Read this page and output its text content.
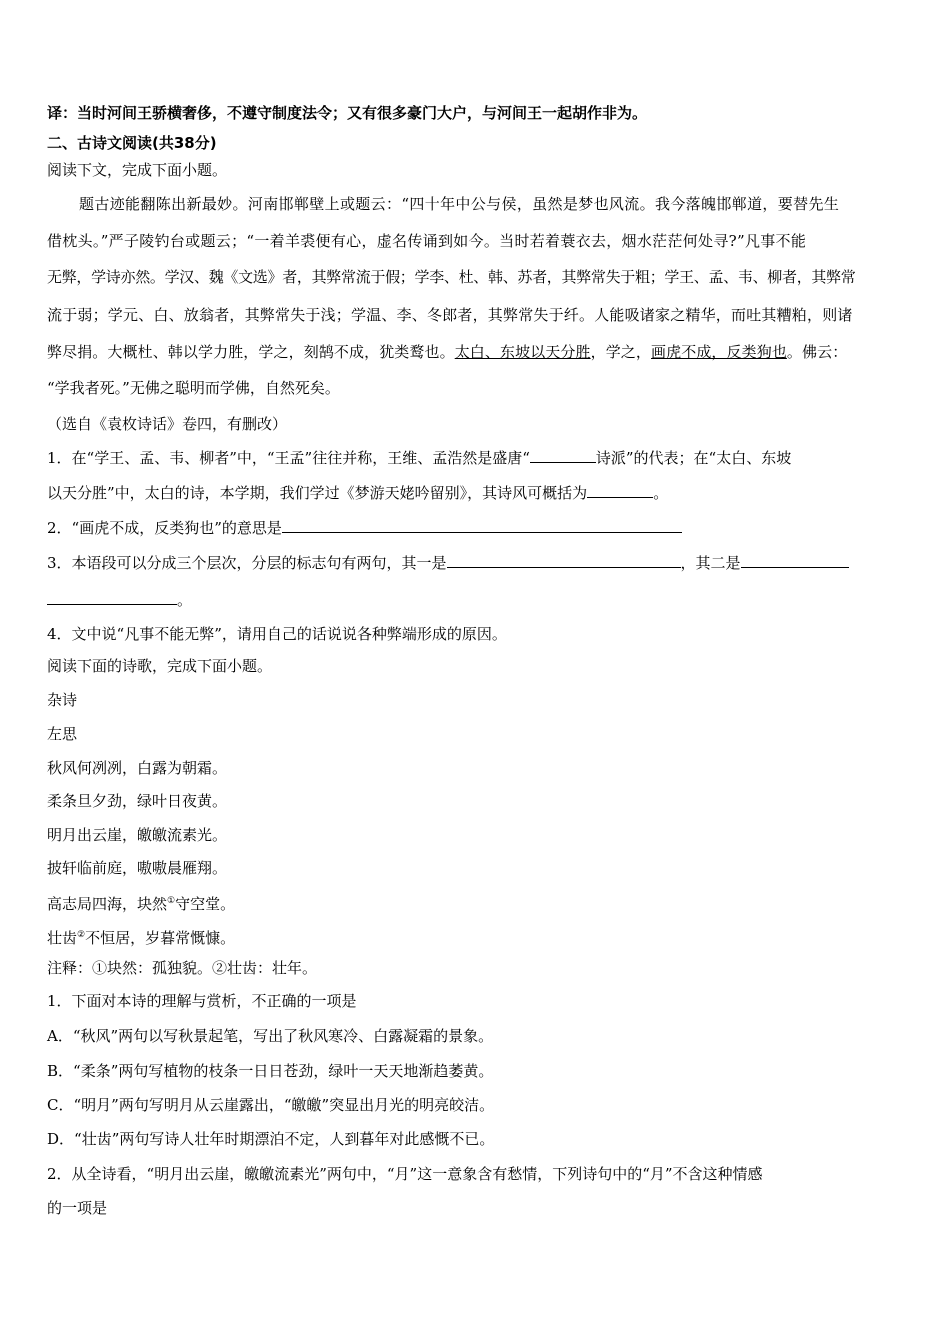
译：当时河间王骄横奢侈，不遵守制度法令；又有很多豪门大户，与河间王一起胡作非为。
二、古诗文阅读(共38分)
阅读下文，完成下面小题。
题古迹能翻陈出新最妙。河南邯郸壁上或题云：“四十年中公与侯，虽然是梦也风流。我今落魄邯郸道，要替先生
借枕头。”严子陵钓台或题云；“一着羊裘便有心，虚名传诵到如今。当时若着蓑衣去，烟水茫茫何处寻?”凡事不能
无弊，学诗亦然。学汉、魏《文选》者，其弊常流于假；学李、杜、韩、苏者，其弊常失于粗；学王、孟、韦、柳者，其弊常
流于弱；学元、白、放翁者，其弊常失于浅；学温、李、冬郎者，其弊常失于纤。人能吸诸家之精华，而吐其糟粕，则诸
弊尽捐。大概杜、韩以学力胜，学之，刻鹄不成，犹类鹜也。太白、东坡以天分胜，学之，画虎不成，反类狗也。佛云：
“学我者死。”无佛之聪明而学佛，自然死矣。
（选自《袁枚诗话》卷四，有删改）
1．在“学王、孟、韦、柳者”中，“王孟”往往并称，王维、孟浩然是盛唐“	诗派”的代表；在“太白、东坡
以天分胜”中，太白的诗，本学期，我们学过《梦游天姥吟留别》，其诗风可概括为	。
2．“画虎不成，反类狗也”的意思是
3．本语段可以分成三个层次，分层的标志句有两句，其一是	，其二是
。
4．文中说“凡事不能无弊”，请用自己的话说说各种弊端形成的原因。
阅读下面的诗歌，完成下面小题。
杂诗
左思
秋风何冽冽，白露为朝霜。
柔条旦夕劲，绿叶日夜黄。
明月出云崖，皦皦流素光。
披轩临前庭，嗷嗷晨雁翔。
高志局四海，块然①守空堂。
壮齿②不恒居，岁暮常慨慷。
注释：①块然：孤独貌。②壮齿：壮年。
1．下面对本诗的理解与赏析，不正确的一项是
A．“秋风”两句以写秋景起笔，写出了秋风寒冷、白露凝霜的景象。
B．“柔条”两句写植物的枝条一日日苍劲，绿叶一天天地渐趋萎黄。
C．“明月”两句写明月从云崖露出，“皦皦”突显出月光的明亮皎洁。
D．“壮齿”两句写诗人壮年时期漂泊不定，人到暮年对此感慨不已。
2．从全诗看，“明月出云崖，皦皦流素光”两句中，“月”这一意象含有愁情，下列诗句中的“月”不含这种情感
的一项是
